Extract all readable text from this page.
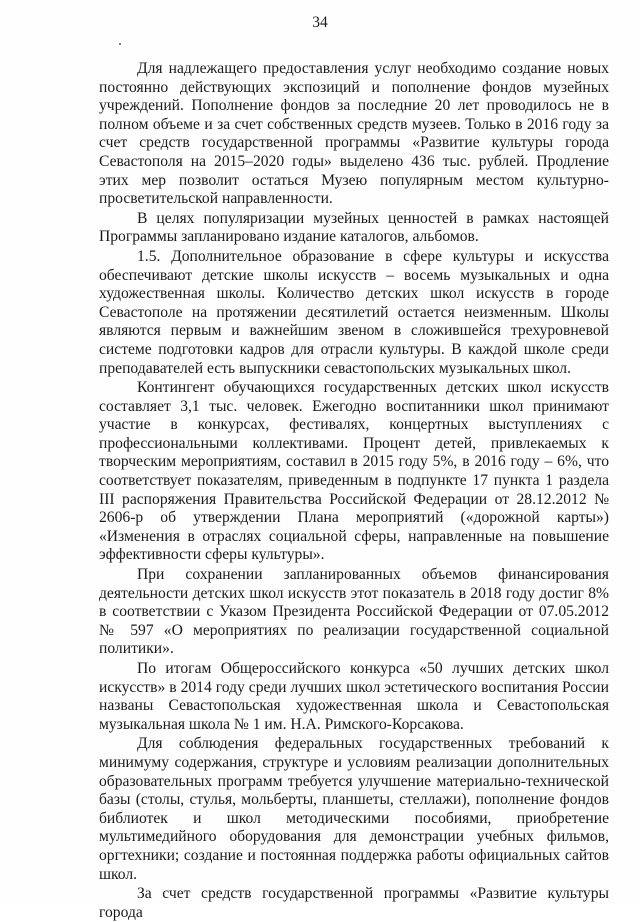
34

Для надлежащего предоставления услуг необходимо создание новых постоянно действующих экспозиций и пополнение фондов музейных учреждений. Пополнение фондов за последние 20 лет проводилось не в полном объеме и за счет собственных средств музеев. Только в 2016 году за счет средств государственной программы «Развитие культуры города Севастополя на 2015–2020 годы» выделено 436 тыс. рублей. Продление этих мер позволит остаться Музею популярным местом культурно-просветительской направленности.

В целях популяризации музейных ценностей в рамках настоящей Программы запланировано издание каталогов, альбомов.

1.5. Дополнительное образование в сфере культуры и искусства обеспечивают детские школы искусств – восемь музыкальных и одна художественная школы. Количество детских школ искусств в городе Севастополе на протяжении десятилетий остается неизменным. Школы являются первым и важнейшим звеном в сложившейся трехуровневой системе подготовки кадров для отрасли культуры. В каждой школе среди преподавателей есть выпускники севастопольских музыкальных школ.

Контингент обучающихся государственных детских школ искусств составляет 3,1 тыс. человек. Ежегодно воспитанники школ принимают участие в конкурсах, фестивалях, концертных выступлениях с профессиональными коллективами. Процент детей, привлекаемых к творческим мероприятиям, составил в 2015 году 5%, в 2016 году – 6%, что соответствует показателям, приведенным в подпункте 17 пункта 1 раздела III распоряжения Правительства Российской Федерации от 28.12.2012 № 2606-р об утверждении Плана мероприятий («дорожной карты») «Изменения в отраслях социальной сферы, направленные на повышение эффективности сферы культуры».

При сохранении запланированных объемов финансирования деятельности детских школ искусств этот показатель в 2018 году достиг 8% в соответствии с Указом Президента Российской Федерации от 07.05.2012 № 597 «О мероприятиях по реализации государственной социальной политики».

По итогам Общероссийского конкурса «50 лучших детских школ искусств» в 2014 году среди лучших школ эстетического воспитания России названы Севастопольская художественная школа и Севастопольская музыкальная школа № 1 им. Н.А. Римского-Корсакова.

Для соблюдения федеральных государственных требований к минимуму содержания, структуре и условиям реализации дополнительных образовательных программ требуется улучшение материально-технической базы (столы, стулья, мольберты, планшеты, стеллажи), пополнение фондов библиотек и школ методическими пособиями, приобретение мультимедийного оборудования для демонстрации учебных фильмов, оргтехники; создание и постоянная поддержка работы официальных сайтов школ.

За счет средств государственной программы «Развитие культуры города
